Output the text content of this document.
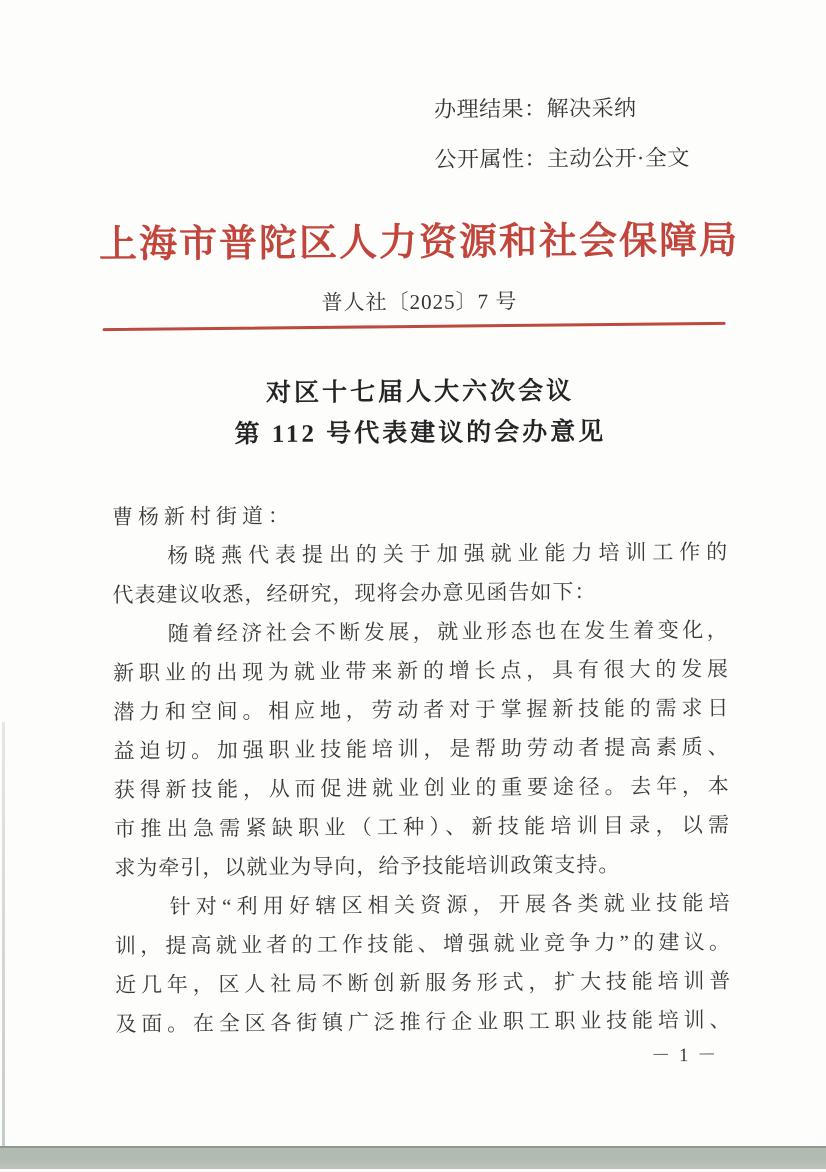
办理结果：解决采纳
公开属性：主动公开·全文
上海市普陀区人力资源和社会保障局
普人社〔2025〕7 号
对区十七届人大六次会议
第 112 号代表建议的会办意见
曹杨新村街道：
杨晓燕代表提出的关于加强就业能力培训工作的
代表建议收悉，经研究，现将会办意见函告如下：
随着经济社会不断发展，就业形态也在发生着变化，
新职业的出现为就业带来新的增长点，具有很大的发展
潜力和空间。相应地，劳动者对于掌握新技能的需求日
益迫切。加强职业技能培训，是帮助劳动者提高素质、
获得新技能，从而促进就业创业的重要途径。去年，本
市推出急需紧缺职业（工种）、新技能培训目录，以需
求为牵引，以就业为导向，给予技能培训政策支持。
针对“利用好辖区相关资源，开展各类就业技能培
训，提高就业者的工作技能、增强就业竞争力”的建议。
近几年，区人社局不断创新服务形式，扩大技能培训普
及面。在全区各街镇广泛推行企业职工职业技能培训、
－ 1 －
